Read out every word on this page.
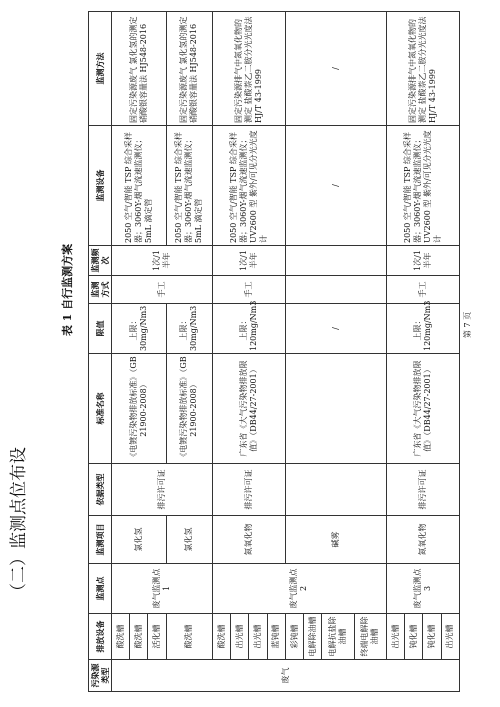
（二）监测点位布设
表 1 自行监测方案
污染源类型	排放设备	监测点	监测项目	依据类型	标准名称	限值	监测方式	监测频次	监测设备	监测方法
废气	酸洗槽	废气监测点1	氯化氢	排污许可证	《电镀污染物排放标准》（GB 21900-2008）	上限：30mg/Nm3	手工	1次/1半年	2050 空气/智能 TSP 综合采样器；3060Y-烟气流速监测仪；5mL 滴定管	固定污染源废气 氯化氢的测定 硝酸银容量法 HJ548-2016
	酸洗槽									
	活化槽									
	酸洗槽		氯化氢		《电镀污染物排放标准》（GB 21900-2008）	上限：30mg/Nm3			2050 空气/智能 TSP 综合采样器；3060Y-烟气流速监测仪；5mL 滴定管	固定污染源废气 氯化氢的测定 硝酸银容量法 HJ548-2016
	酸洗槽	废气监测点2	氮氧化物	排污许可证	广东省《大气污染物排放限值》（DB44/27-2001）	上限：120mg/Nm3	手工	1次/1半年	2050 空气/智能 TSP 综合采样器；3060Y-烟气流速监测仪；UV2600 型 紫外/可见分光光度计	固定污染源排气中氮氧化物的测定 盐酸萘乙二胺分光光度法 HJ/T 43-1999
	出光槽									
	出光槽									
	蓝钝槽									
	彩钝槽		碱雾			/			/	/
	电解除油槽									
	电解抗盐除油槽									
	终端电解除油槽									
	出光槽	废气监测点3	氮氧化物	排污许可证	广东省《大气污染物排放限值》（DB44/27-2001）	上限：120mg/Nm3	手工	1次/1半年	2050 空气/智能 TSP 综合采样器；3060Y-烟气流速监测仪；UV2600 型 紫外/可见分光光度计	固定污染源排气中氮氧化物的测定 盐酸萘乙二胺分光光度法 HJ/T 43-1999
	钝化槽									
	钝化槽									
	出光槽									
第 7 页
